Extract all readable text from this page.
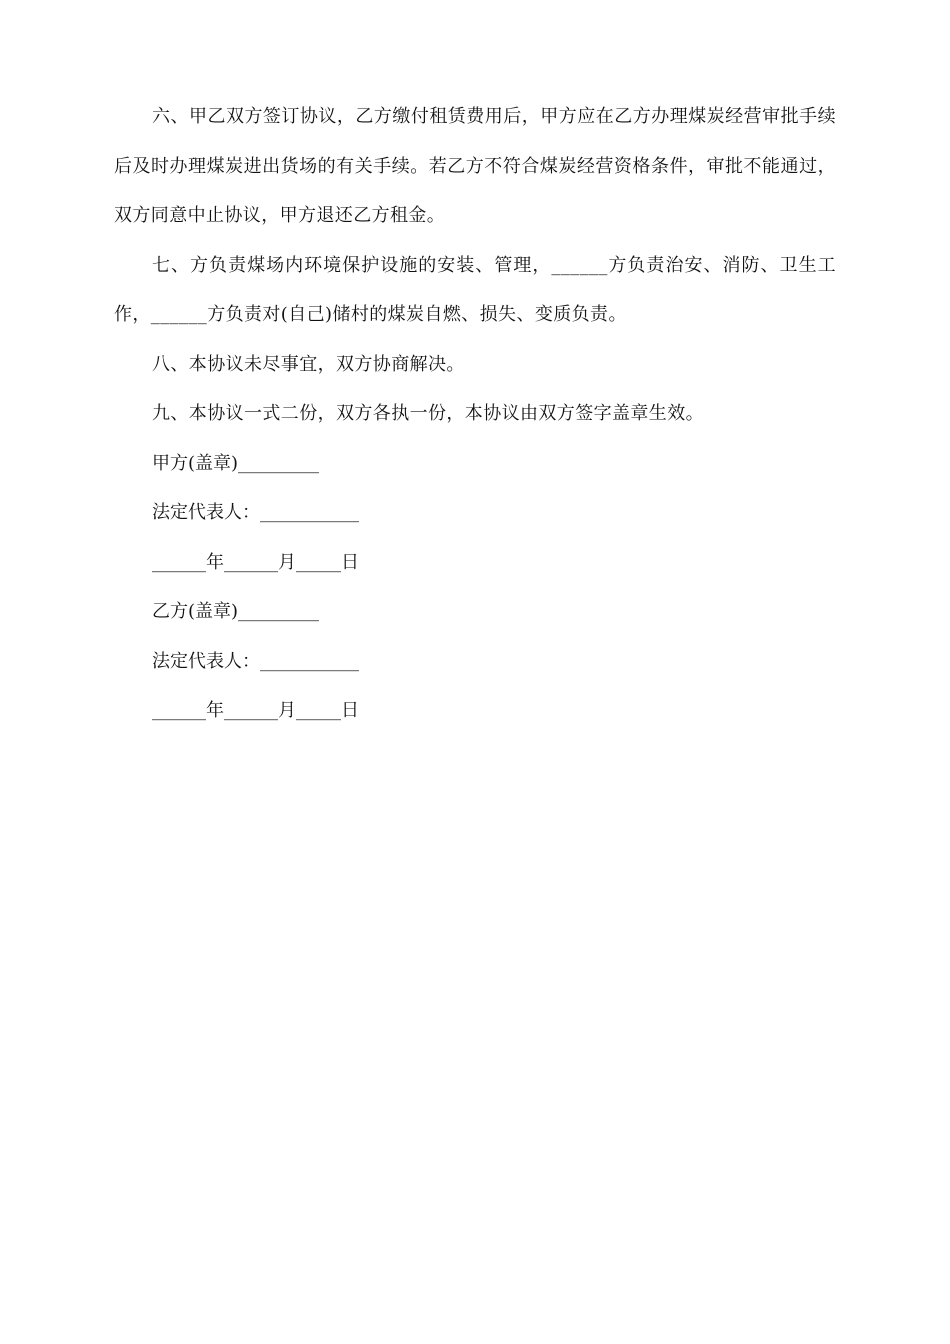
六、甲乙双方签订协议，乙方缴付租赁费用后，甲方应在乙方办理煤炭经营审批手续后及时办理煤炭进出货场的有关手续。若乙方不符合煤炭经营资格条件，审批不能通过，双方同意中止协议，甲方退还乙方租金。

七、方负责煤场内环境保护设施的安装、管理，______方负责治安、消防、卫生工作，______方负责对(自己)储村的煤炭自燃、损失、变质负责。

八、本协议未尽事宜，双方协商解决。

九、本协议一式二份，双方各执一份，本协议由双方签字盖章生效。

甲方(盖章)_________

法定代表人：___________

______年______月_____日

乙方(盖章)_________

法定代表人：___________

______年______月_____日
